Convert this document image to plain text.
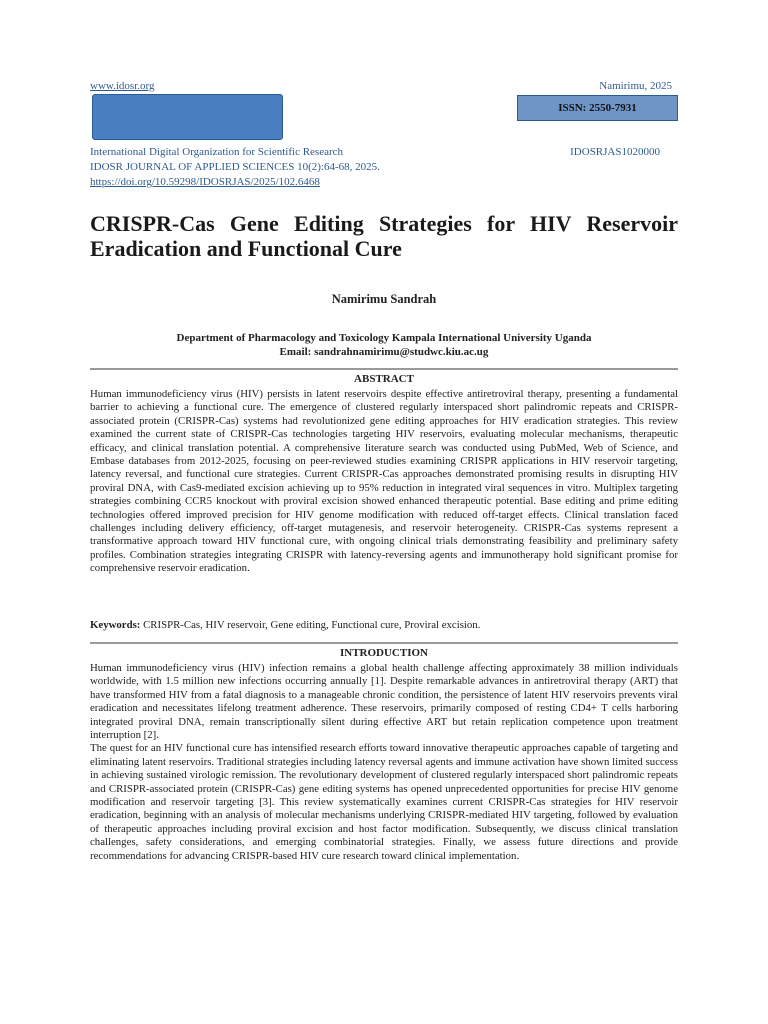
www.idosr.org	Namirimu, 2025
ISSN: 2550-7931
International Digital Organization for Scientific Research	IDOSRJAS1020000
IDOSR JOURNAL OF APPLIED SCIENCES 10(2):64-68, 2025.
https://doi.org/10.59298/IDOSRJAS/2025/102.6468
CRISPR-Cas Gene Editing Strategies for HIV Reservoir Eradication and Functional Cure
Namirimu Sandrah
Department of Pharmacology and Toxicology Kampala International University Uganda
Email: sandrahnamirimu@studwc.kiu.ac.ug
ABSTRACT

Human immunodeficiency virus (HIV) persists in latent reservoirs despite effective antiretroviral therapy, presenting a fundamental barrier to achieving a functional cure. The emergence of clustered regularly interspaced short palindromic repeats and CRISPR-associated protein (CRISPR-Cas) systems had revolutionized gene editing approaches for HIV eradication strategies. This review examined the current state of CRISPR-Cas technologies targeting HIV reservoirs, evaluating molecular mechanisms, therapeutic efficacy, and clinical translation potential. A comprehensive literature search was conducted using PubMed, Web of Science, and Embase databases from 2012-2025, focusing on peer-reviewed studies examining CRISPR applications in HIV reservoir targeting, latency reversal, and functional cure strategies. Current CRISPR-Cas approaches demonstrated promising results in disrupting HIV proviral DNA, with Cas9-mediated excision achieving up to 95% reduction in integrated viral sequences in vitro. Multiplex targeting strategies combining CCR5 knockout with proviral excision showed enhanced therapeutic potential. Base editing and prime editing technologies offered improved precision for HIV genome modification with reduced off-target effects. Clinical translation faced challenges including delivery efficiency, off-target mutagenesis, and reservoir heterogeneity. CRISPR-Cas systems represent a transformative approach toward HIV functional cure, with ongoing clinical trials demonstrating feasibility and preliminary safety profiles. Combination strategies integrating CRISPR with latency-reversing agents and immunotherapy hold significant promise for comprehensive reservoir eradication.

Keywords: CRISPR-Cas, HIV reservoir, Gene editing, Functional cure, Proviral excision.
INTRODUCTION

Human immunodeficiency virus (HIV) infection remains a global health challenge affecting approximately 38 million individuals worldwide, with 1.5 million new infections occurring annually [1]. Despite remarkable advances in antiretroviral therapy (ART) that have transformed HIV from a fatal diagnosis to a manageable chronic condition, the persistence of latent HIV reservoirs prevents viral eradication and necessitates lifelong treatment adherence. These reservoirs, primarily composed of resting CD4+ T cells harboring integrated proviral DNA, remain transcriptionally silent during effective ART but retain replication competence upon treatment interruption [2].

The quest for an HIV functional cure has intensified research efforts toward innovative therapeutic approaches capable of targeting and eliminating latent reservoirs. Traditional strategies including latency reversal agents and immune activation have shown limited success in achieving sustained virologic remission. The revolutionary development of clustered regularly interspaced short palindromic repeats and CRISPR-associated protein (CRISPR-Cas) gene editing systems has opened unprecedented opportunities for precise HIV genome modification and reservoir targeting [3]. This review systematically examines current CRISPR-Cas strategies for HIV reservoir eradication, beginning with an analysis of molecular mechanisms underlying CRISPR-mediated HIV targeting, followed by evaluation of therapeutic approaches including proviral excision and host factor modification. Subsequently, we discuss clinical translation challenges, safety considerations, and emerging combinatorial strategies. Finally, we assess future directions and provide recommendations for advancing CRISPR-based HIV cure research toward clinical implementation.
